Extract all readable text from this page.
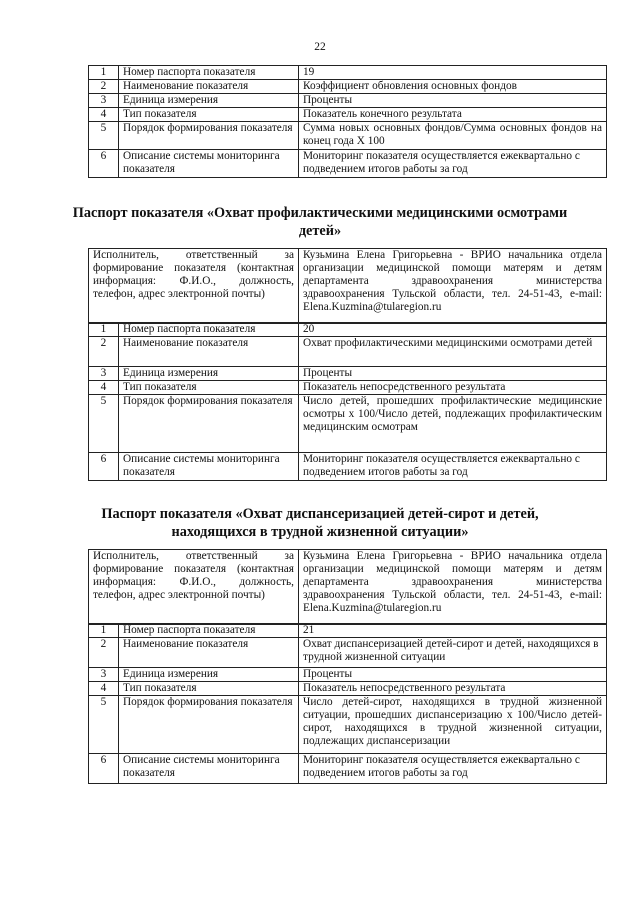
22
1	Номер паспорта показателя	19
2	Наименование показателя	Коэффициент обновления основных фондов
3	Единица измерения	Проценты
4	Тип показателя	Показатель конечного результата
5	Порядок формирования показателя	Сумма новых основных фондов/Сумма основных фондов на конец года X 100
6	Описание системы мониторинга показателя	Мониторинг показателя осуществляется ежеквартально с подведением итогов работы за год
Паспорт показателя «Охват профилактическими медицинскими осмотрами детей»
Исполнитель, ответственный за формирование показателя (контактная информация: Ф.И.О., должность, телефон, адрес электронной почты)	Кузьмина Елена Григорьевна - ВРИО начальника отдела организации медицинской помощи матерям и детям департамента здравоохранения министерства здравоохранения Тульской области, тел. 24-51-43, e-mail: Elena.Kuzmina@tularegion.ru
1	Номер паспорта показателя	20
2	Наименование показателя	Охват профилактическими медицинскими осмотрами детей
3	Единица измерения	Проценты
4	Тип показателя	Показатель непосредственного результата
5	Порядок формирования показателя	Число детей, прошедших профилактические медицинские осмотры х 100/Число детей, подлежащих профилактическим медицинским осмотрам
6	Описание системы мониторинга показателя	Мониторинг показателя осуществляется ежеквартально с подведением итогов работы за год
Паспорт показателя «Охват диспансеризацией детей-сирот и детей, находящихся в трудной жизненной ситуации»
Исполнитель, ответственный за формирование показателя (контактная информация: Ф.И.О., должность, телефон, адрес электронной почты)	Кузьмина Елена Григорьевна - ВРИО начальника отдела организации медицинской помощи матерям и детям департамента здравоохранения министерства здравоохранения Тульской области, тел. 24-51-43, e-mail: Elena.Kuzmina@tularegion.ru
1	Номер паспорта показателя	21
2	Наименование показателя	Охват диспансеризацией детей-сирот и детей, находящихся в трудной жизненной ситуации
3	Единица измерения	Проценты
4	Тип показателя	Показатель непосредственного результата
5	Порядок формирования показателя	Число детей-сирот, находящихся в трудной жизненной ситуации, прошедших диспансеризацию х 100/Число детей-сирот, находящихся в трудной жизненной ситуации, подлежащих диспансеризации
6	Описание системы мониторинга показателя	Мониторинг показателя осуществляется ежеквартально с подведением итогов работы за год
